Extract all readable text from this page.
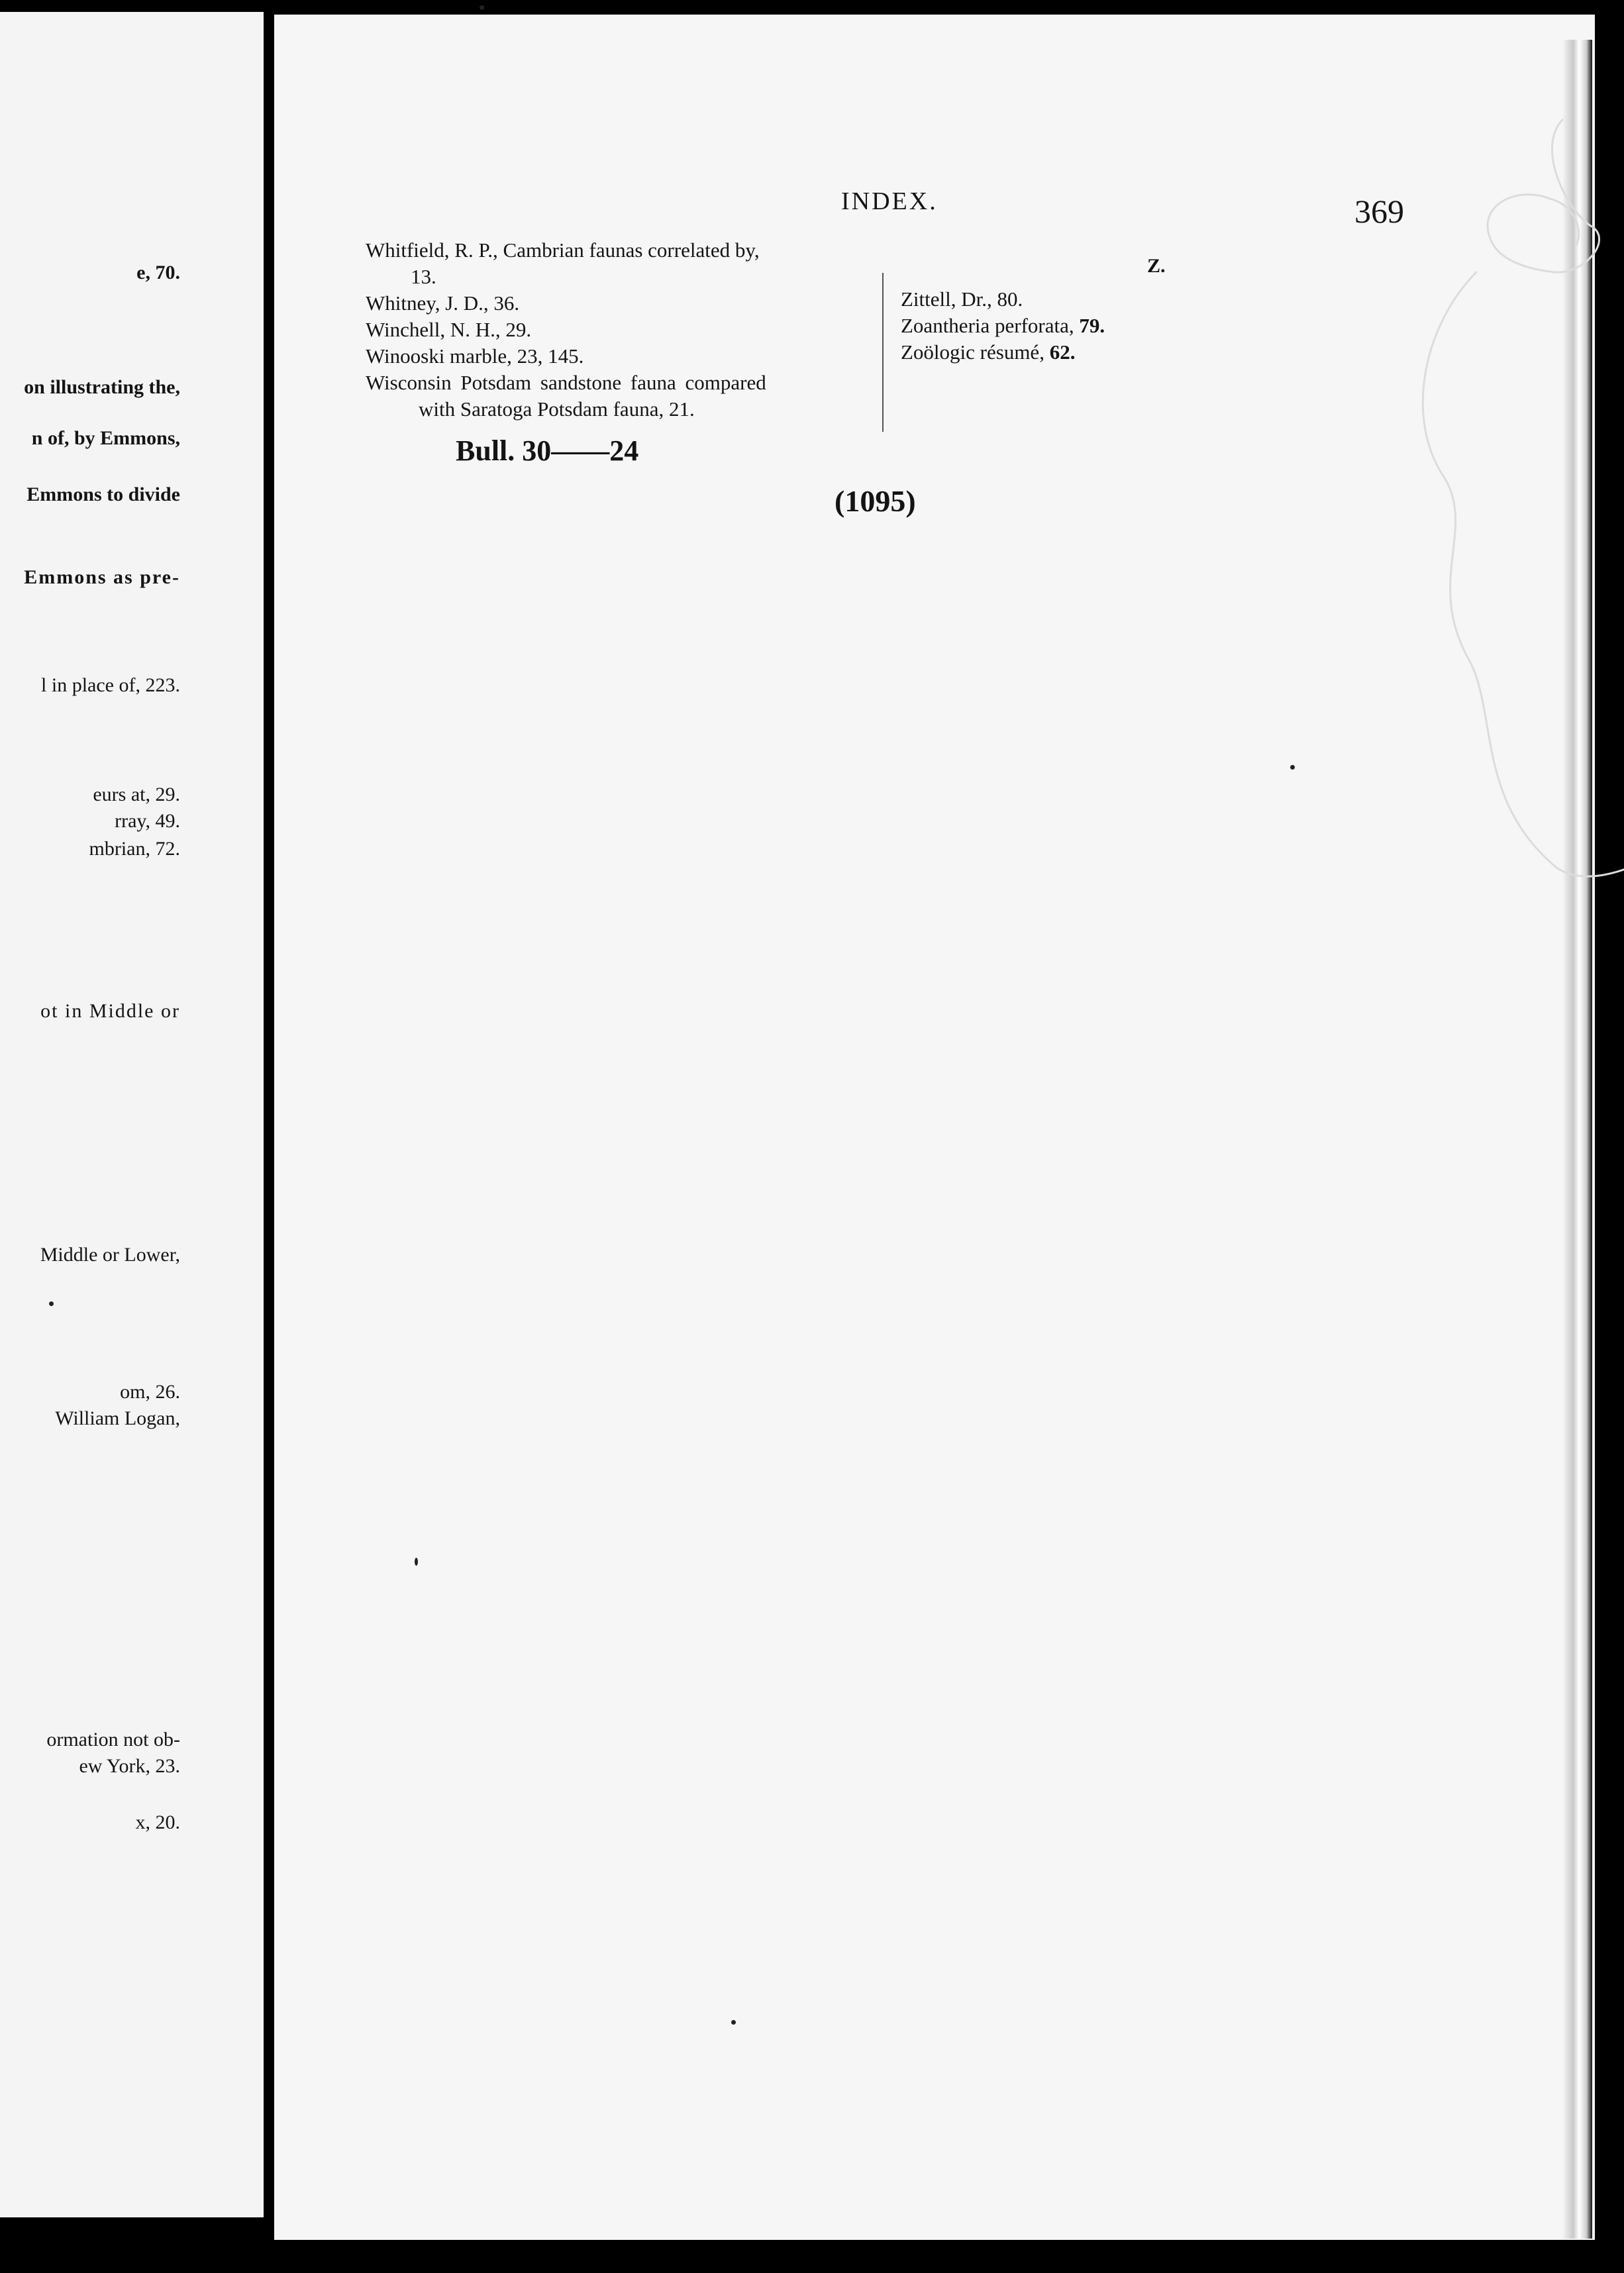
e, 70.
on illustrating the,
n of, by Emmons,
Emmons to divide
Emmons as pre-
l in place of, 223.
eurs at, 29.
rray, 49.
mbrian, 72.
ot in Middle or
Middle or Lower,
om, 26.
William Logan,
ormation not ob-
ew York, 23.
x, 20.
INDEX.	369
Whitfield, R. P., Cambrian faunas correlated by,
13.
Whitney, J. D., 36.
Winchell, N. H., 29.
Winooski marble, 23, 145.
Wisconsin Potsdam sandstone fauna compared
with Saratoga Potsdam fauna, 21.
Z.
Zittell, Dr., 80.
Zoantheria perforata, 79.
Zoölogic résumé, 62.
Bull. 30——24
(1095)
